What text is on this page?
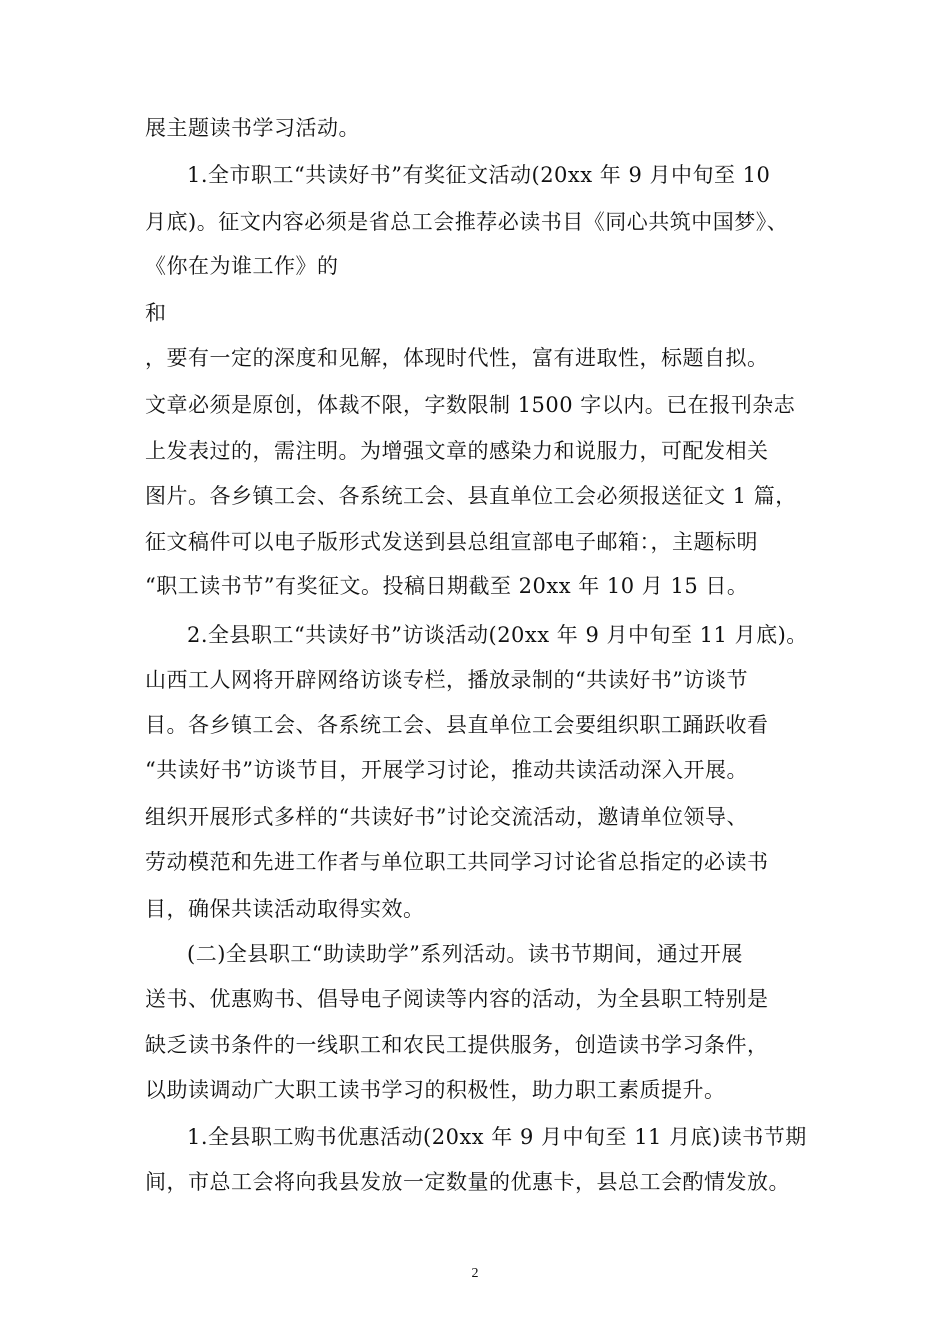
展主题读书学习活动。
1.全市职工“共读好书”有奖征文活动(20xx 年 9 月中旬至 10
月底)。征文内容必须是省总工会推荐必读书目《同心共筑中国梦》、
《你在为谁工作》的
和
，要有一定的深度和见解，体现时代性，富有进取性，标题自拟。
文章必须是原创，体裁不限，字数限制 1500 字以内。已在报刊杂志
上发表过的，需注明。为增强文章的感染力和说服力，可配发相关
图片。各乡镇工会、各系统工会、县直单位工会必须报送征文 1 篇，
征文稿件可以电子版形式发送到县总组宣部电子邮箱：，主题标明
“职工读书节”有奖征文。投稿日期截至 20xx 年 10 月 15 日。
2.全县职工“共读好书”访谈活动(20xx 年 9 月中旬至 11 月底)。
山西工人网将开辟网络访谈专栏，播放录制的“共读好书”访谈节
目。各乡镇工会、各系统工会、县直单位工会要组织职工踊跃收看
“共读好书”访谈节目，开展学习讨论，推动共读活动深入开展。
组织开展形式多样的“共读好书”讨论交流活动，邀请单位领导、
劳动模范和先进工作者与单位职工共同学习讨论省总指定的必读书
目，确保共读活动取得实效。
(二)全县职工“助读助学”系列活动。读书节期间，通过开展
送书、优惠购书、倡导电子阅读等内容的活动，为全县职工特别是
缺乏读书条件的一线职工和农民工提供服务，创造读书学习条件，
以助读调动广大职工读书学习的积极性，助力职工素质提升。
1.全县职工购书优惠活动(20xx 年 9 月中旬至 11 月底)读书节期
间，市总工会将向我县发放一定数量的优惠卡，县总工会酌情发放。
2
